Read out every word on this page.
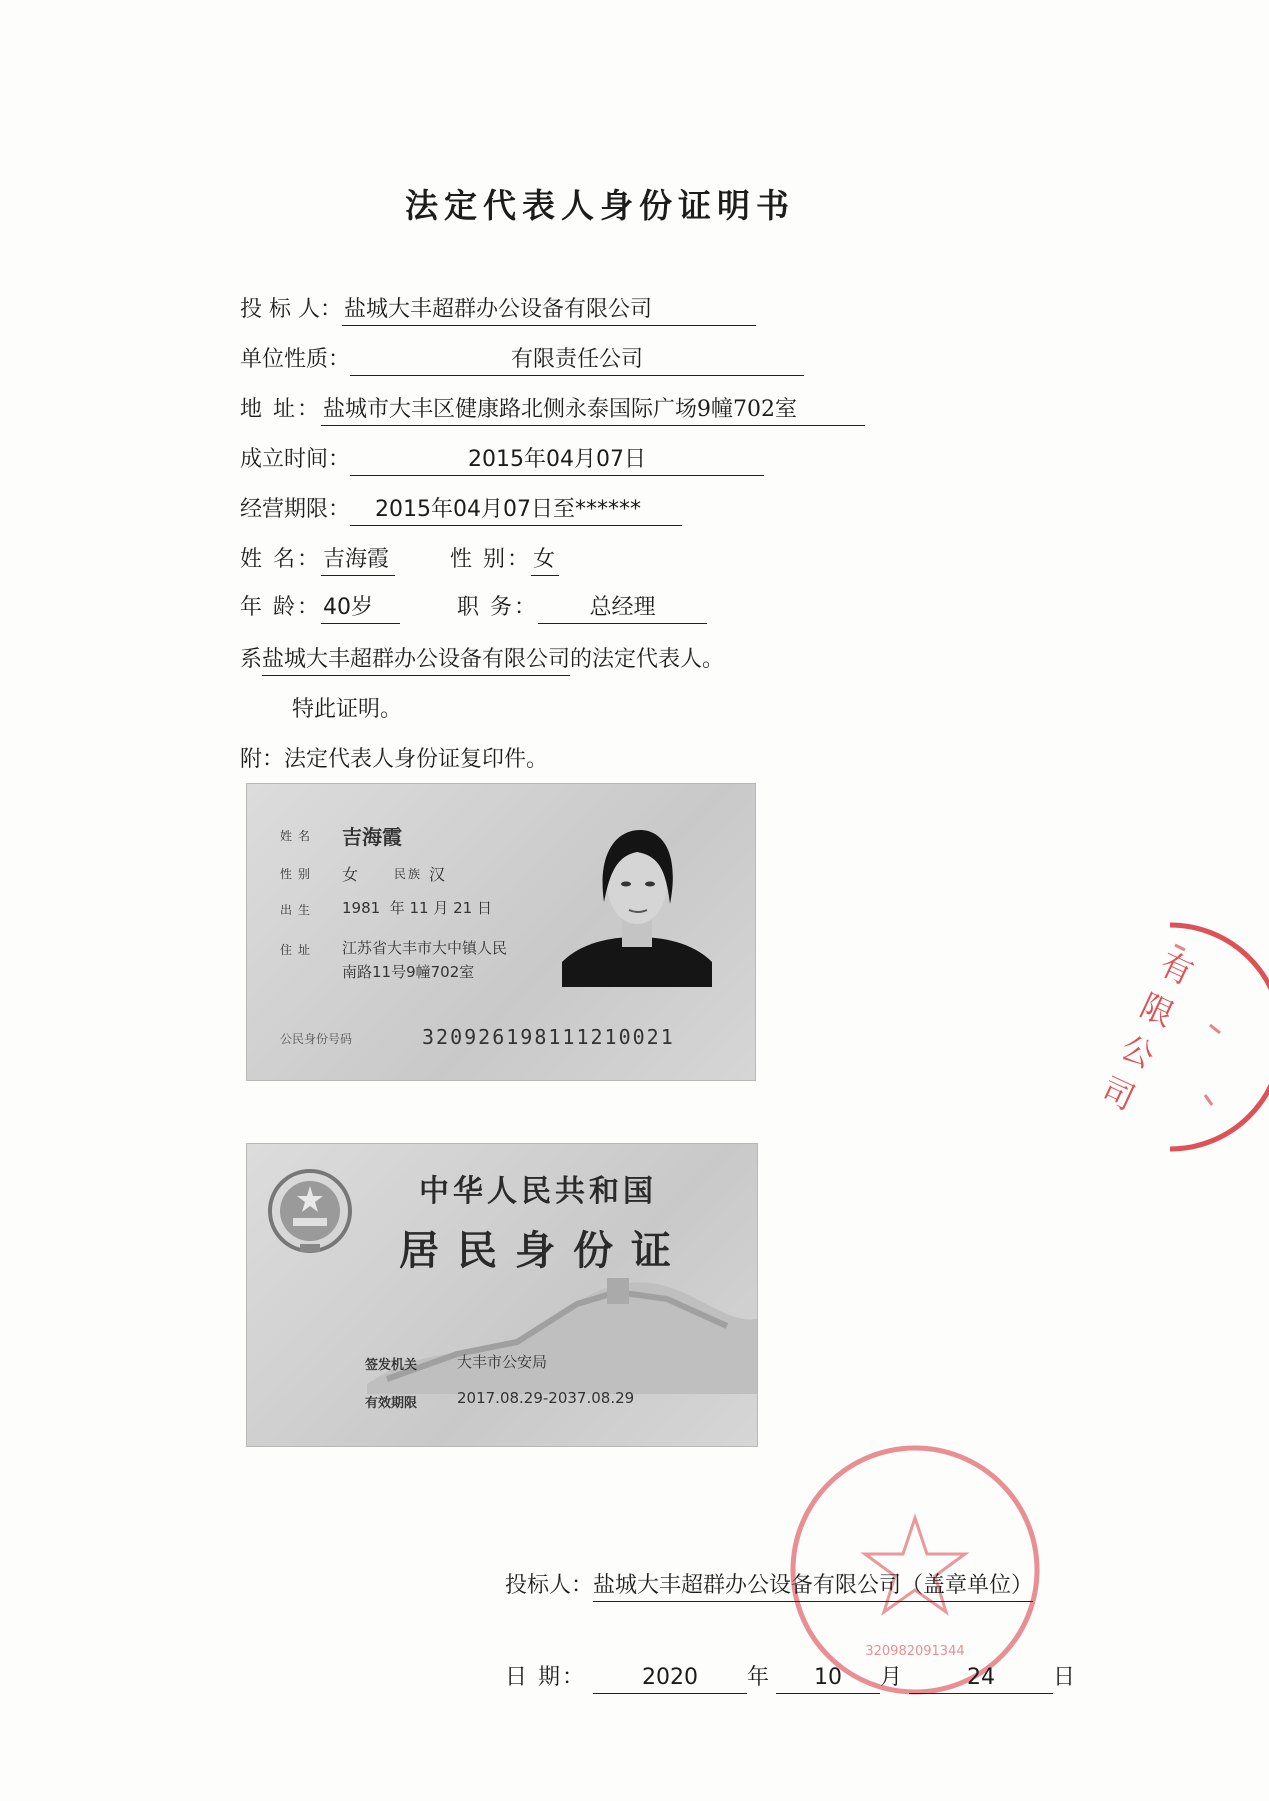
法定代表人身份证明书
投 标 人：盐城大丰超群办公设备有限公司
单位性质：	有限责任公司
地 址：盐城市大丰区健康路北侧永泰国际广场9幢702室
成立时间：	2015年04月07日
经营期限： 2015年04月07日至******
姓 名：吉海霞	性 别：女
年 龄：40岁	职 务： 总经理
系盐城大丰超群办公设备有限公司的法定代表人。
特此证明。
附：法定代表人身份证复印件。
姓名 吉海霞
性别 女	民族 汉
出生 1981  年 11 月 21 日
住址 江苏省大丰市大中镇人民
南路11号9幢702室
公民身份号码	320926198111210021
中华人民共和国
居民身份证
签发机关	大丰市公安局
有效期限	2017.08.29-2037.08.29
有
限
公
司
320982091344
投标人：盐城大丰超群办公设备有限公司（盖章单位）
日 期：	2020 年 10 月	24	日
